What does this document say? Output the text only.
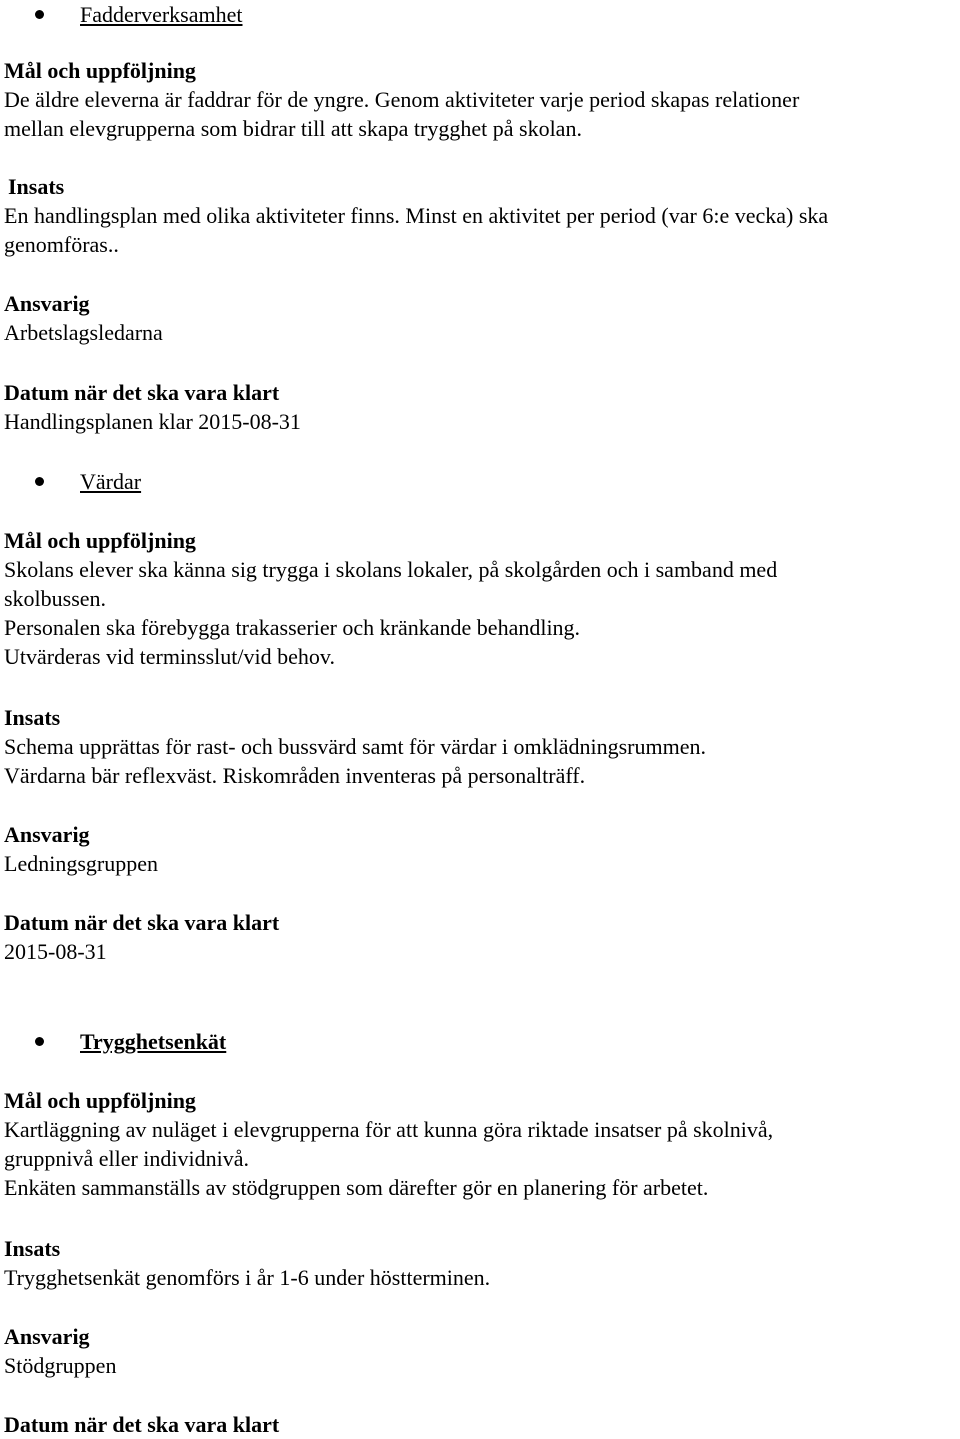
Fadderverksamhet
Mål och uppföljning
De äldre eleverna är faddrar för de yngre. Genom aktiviteter varje period skapas relationer
mellan elevgrupperna som bidrar till att skapa trygghet på skolan.
Insats
En handlingsplan med olika aktiviteter finns. Minst en aktivitet per period (var 6:e vecka) ska
genomföras..
Ansvarig
Arbetslagsledarna
Datum när det ska vara klart
Handlingsplanen klar 2015-08-31
Värdar
Mål och uppföljning
Skolans elever ska känna sig trygga i skolans lokaler, på skolgården och i samband med
skolbussen.
Personalen ska förebygga trakasserier och kränkande behandling.
Utvärderas vid terminsslut/vid behov.
Insats
Schema upprättas för rast- och bussvärd samt för värdar i omklädningsrummen.
Värdarna bär reflexväst. Riskområden inventeras på personalträff.
Ansvarig
Ledningsgruppen
Datum när det ska vara klart
2015-08-31
Trygghetsenkät
Mål och uppföljning
Kartläggning av nuläget i elevgrupperna för att kunna göra riktade insatser på skolnivå,
gruppnivå eller individnivå.
Enkäten sammanställs av stödgruppen som därefter gör en planering för arbetet.
Insats
Trygghetsenkät genomförs i år 1-6 under höstterminen.
Ansvarig
Stödgruppen
Datum när det ska vara klart
